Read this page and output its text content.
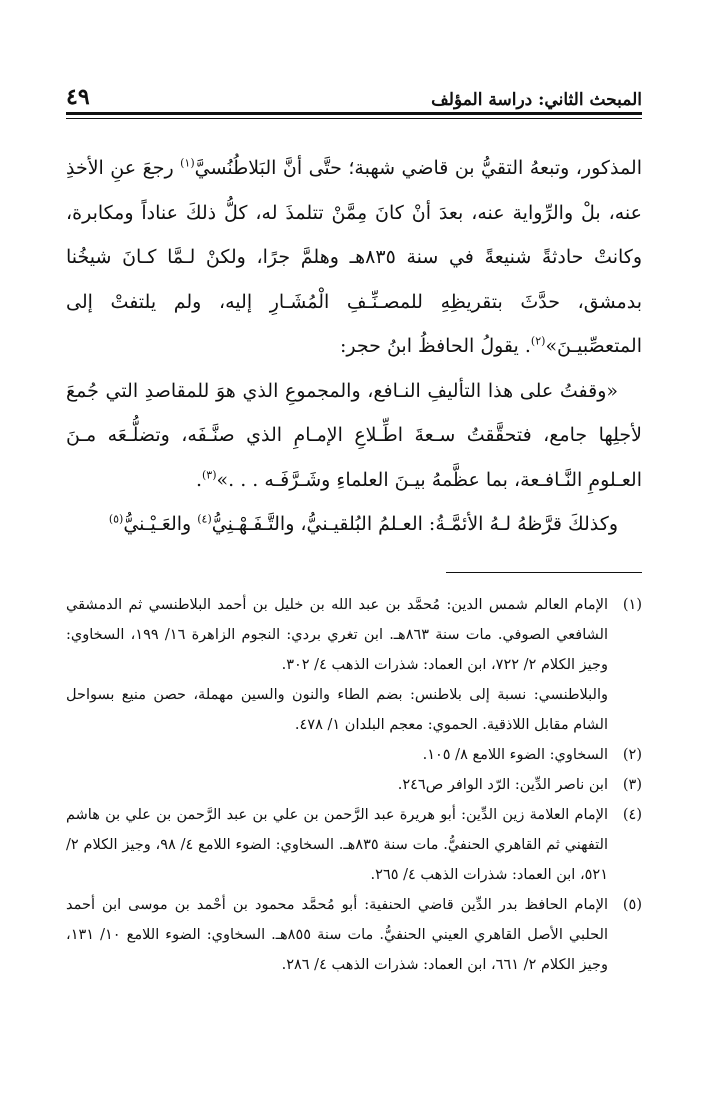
المبحث الثاني: دراسة المؤلف
٤٩

المذكور، وتبعهُ التقيُّ بن قاضي شهبة؛ حتَّى أنَّ البَلاطُنُسيَّ$^{(١)}$ رجعَ عنِ الأخذِ عنه، بلْ والرِّواية عنه، بعدَ أنْ كانَ مِمَّنْ تتلمذَ له، كلُّ ذلكَ عناداً ومكابرة، وكانتْ حادثةً شنيعةً في سنة ٨٣٥هـ وهلمَّ جرًا، ولكنْ لـمَّا كـانَ شيخُنا بدمشق، حدَّثَ بتقريظِهِ للمصـنِّـفِ الْمُشَـارِ إليه، ولم يلتفتْ إلى المتعصِّبيـنَ»$^{(٢)}$. يقولُ الحافظُ ابنُ حجر:

«وقفتُ على هذا التأليفِ النـافع، والمجموعِ الذي هوَ للمقاصدِ التي جُمعَ لأجلِها جامع، فتحقَّقتُ سـعةَ اطِّـلاعِ الإمـامِ الذي صنَّـفَه، وتضلُّـعَه مـنَ العـلومِ النَّـافـعة، بما عظَّمهُ بيـنَ العلماءِ وشَـرَّفَـه . . .»$^{(٣)}$.

وكذلكَ قرَّظهُ لـهُ الأئمَّـةُ: العـلمُ البُلقيـنيُّ، والتَّـفَـهْـنِيُّ$^{(٤)}$ والعَـيْـنيُّ$^{(٥)}$

(١)
الإمام العالم شمس الدين: مُحمَّد بن عبد الله بن خليل بن أحمد البلاطنسي ثم الدمشقي الشافعي الصوفي. مات سنة ٨٦٣هـ. ابن تغري بردي: النجوم الزاهرة ١٦/ ١٩٩، السخاوي: وجيز الكلام ٢/ ٧٢٢، ابن العماد: شذرات الذهب ٤/ ٣٠٢.
والبلاطنسي: نسبة إلى بلاطنس: بضم الطاء والنون والسين مهملة، حصن منيع بسواحل الشام مقابل اللاذقية. الحموي: معجم البلدان ١/ ٤٧٨.
(٢)
السخاوي: الضوء اللامع ٨/ ١٠٥.
(٣)
ابن ناصر الدِّين: الرّد الوافر ص٢٤٦.
(٤)
الإمام العلامة زين الدِّين: أبو هريرة عبد الرَّحمن بن علي بن عبد الرَّحمن بن علي بن هاشم التفهني ثم القاهري الحنفيُّ. مات سنة ٨٣٥هـ. السخاوي: الضوء اللامع ٤/ ٩٨، وجيز الكلام ٢/ ٥٢١، ابن العماد: شذرات الذهب ٤/ ٢٦٥.
(٥)
الإمام الحافظ بدر الدِّين قاضي الحنفية: أبو مُحمَّد محمود بن أحْمد بن موسى ابن أحمد الحلبي الأصل القاهري العيني الحنفيُّ. مات سنة ٨٥٥هـ. السخاوي: الضوء اللامع ١٠/ ١٣١، وجيز الكلام ٢/ ٦٦١، ابن العماد: شذرات الذهب ٤/ ٢٨٦.
